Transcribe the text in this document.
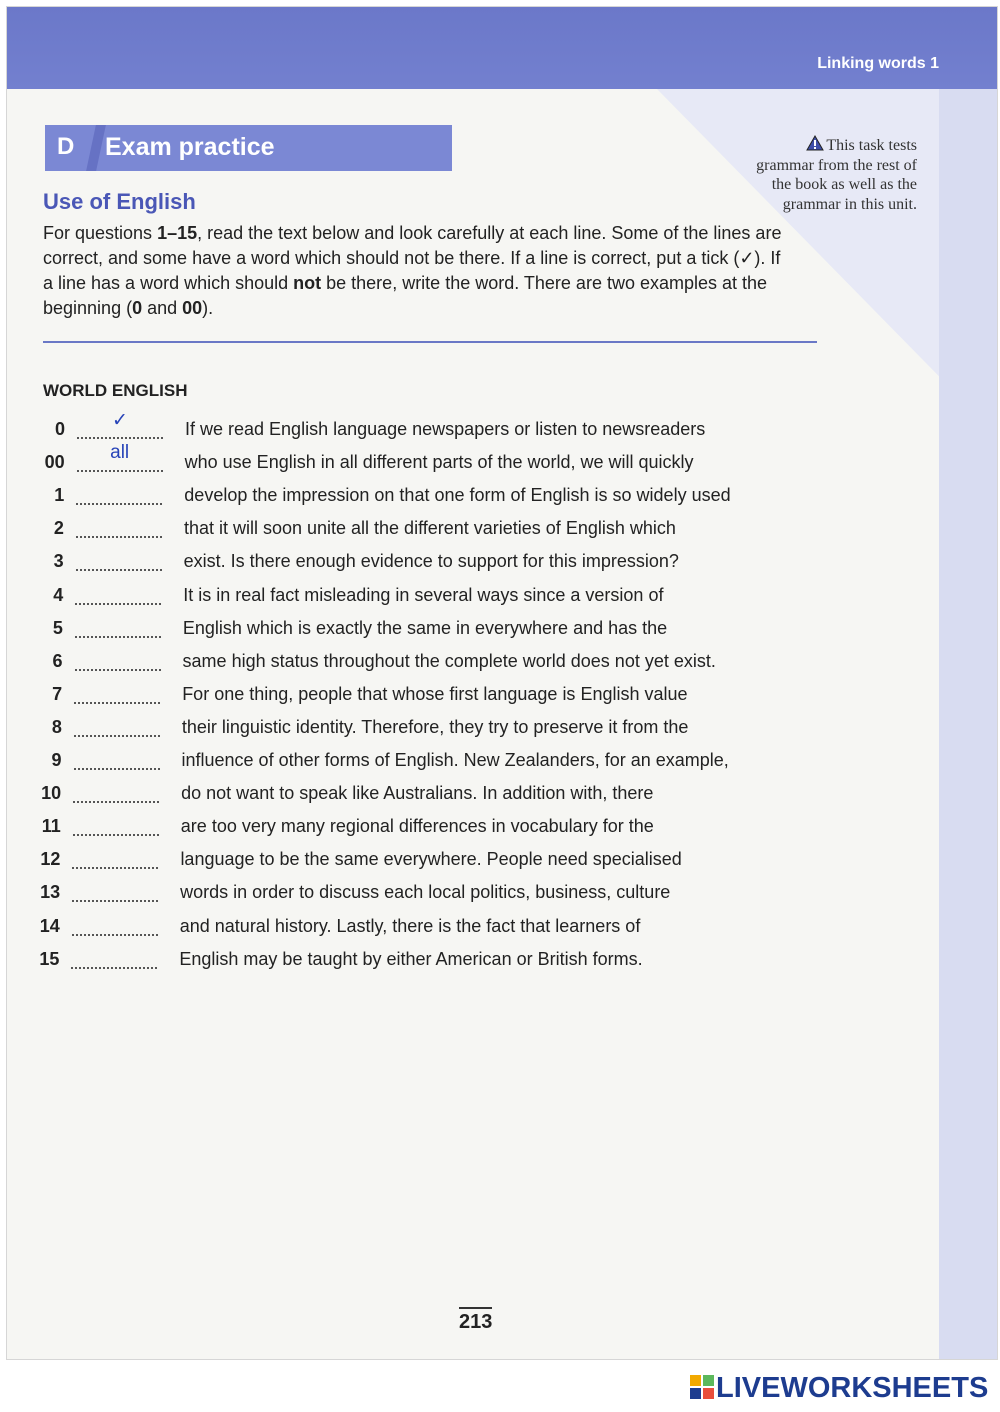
Linking words 1
D Exam practice
Use of English
For questions 1–15, read the text below and look carefully at each line. Some of the lines are correct, and some have a word which should not be there. If a line is correct, put a tick (✓). If a line has a word which should not be there, write the word. There are two examples at the beginning (0 and 00).
This task tests grammar from the rest of the book as well as the grammar in this unit.
WORLD ENGLISH
0	✓	If we read English language newspapers or listen to newsreaders
00	all	who use English in all different parts of the world, we will quickly
1	develop the impression on that one form of English is so widely used
2	that it will soon unite all the different varieties of English which
3	exist. Is there enough evidence to support for this impression?
4	It is in real fact misleading in several ways since a version of
5	English which is exactly the same in everywhere and has the
6	same high status throughout the complete world does not yet exist.
7	For one thing, people that whose first language is English value
8	their linguistic identity. Therefore, they try to preserve it from the
9	influence of other forms of English. New Zealanders, for an example,
10	do not want to speak like Australians. In addition with, there
11	are too very many regional differences in vocabulary for the
12	language to be the same everywhere. People need specialised
13	words in order to discuss each local politics, business, culture
14	and natural history. Lastly, there is the fact that learners of
15	English may be taught by either American or British forms.
213
LIVEWORKSHEETS
